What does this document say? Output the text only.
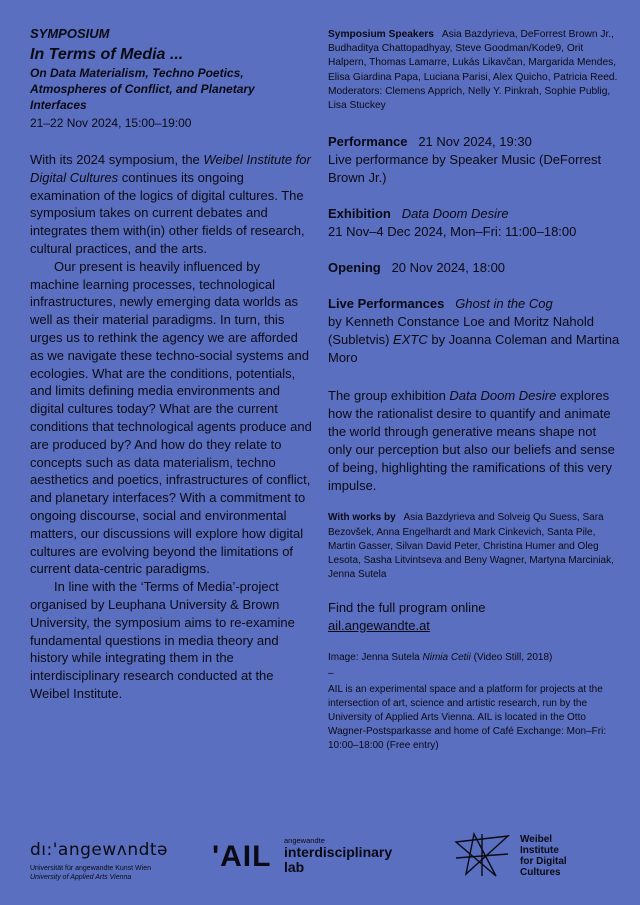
SYMPOSIUM
In Terms of Media ...
On Data Materialism, Techno Poetics, Atmospheres of Conflict, and Planetary Interfaces
21–22 Nov 2024, 15:00–19:00

With its 2024 symposium, the Weibel Institute for Digital Cultures continues its ongoing examination of the logics of digital cultures. The symposium takes on current debates and integrates them with(in) other fields of research, cultural practices, and the arts.

Our present is heavily influenced by machine learning processes, technological infrastructures, newly emerging data worlds as well as their material paradigms. In turn, this urges us to rethink the agency we are afforded as we navigate these techno-social systems and ecologies. What are the conditions, potentials, and limits defining media environments and digital cultures today? What are the current conditions that technological agents produce and are produced by? And how do they relate to concepts such as data materialism, techno aesthetics and poetics, infrastructures of conflict, and planetary interfaces? With a commitment to ongoing discourse, social and environmental matters, our discussions will explore how digital cultures are evolving beyond the limitations of current data-centric paradigms.

In line with the ‘Terms of Media’-project organised by Leuphana University & Brown University, the symposium aims to re-examine fundamental questions in media theory and history while integrating them in the interdisciplinary research conducted at the Weibel Institute.

Symposium Speakers Asia Bazdyrieva, DeForrest Brown Jr., Budhaditya Chattopadhyay, Steve Goodman/Kode9, Orit Halpern, Thomas Lamarre, Lukás Likavčan, Margarida Mendes, Elisa Giardina Papa, Luciana Parisi, Alex Quicho, Patricia Reed. Moderators: Clemens Apprich, Nelly Y. Pinkrah, Sophie Publig, Lisa Stuckey
Performance 21 Nov 2024, 19:30
Live performance by Speaker Music (DeForrest Brown Jr.)
Exhibition Data Doom Desire
21 Nov–4 Dec 2024, Mon–Fri: 11:00–18:00
Opening 20 Nov 2024, 18:00
Live Performances Ghost in the Cog
by Kenneth Constance Loe and Moritz Nahold (Subletvis) EXTC by Joanna Coleman and Martina Moro
The group exhibition Data Doom Desire explores how the rationalist desire to quantify and animate the world through generative means shape not only our perception but also our beliefs and sense of being, highlighting the ramifications of this very impulse.
With works by Asia Bazdyrieva and Solveig Qu Suess, Sara Bezovšek, Anna Engelhardt and Mark Cinkevich, Santa Pile, Martin Gasser, Silvan David Peter, Christina Humer and Oleg Lesota, Sasha Litvintseva and Beny Wagner, Martyna Marciniak, Jenna Sutela
Find the full program online
ail.angewandte.at
Image: Jenna Sutela Nimia Cetii (Video Still, 2018)
–
AIL is an experimental space and a platform for projects at the intersection of art, science and artistic research, run by the University of Applied Arts Vienna. AIL is located in the Otto Wagner-Postsparkasse and home of Café Exchange: Mon–Fri: 10:00–18:00 (Free entry)
dı:'angewʌndtə
Universität für angewandte Kunst Wien
University of Applied Arts Vienna
'AIL angewandte
interdisciplinary
lab
Weibel
Institute
for Digital
Cultures
